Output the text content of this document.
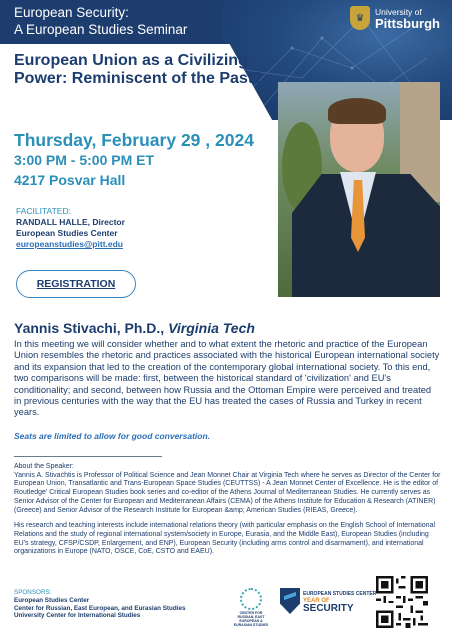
European Security:
A European Studies Seminar
♛
University of
Pittsburgh
European Union as a Civilizing Power: Reminiscent of the Past?
Thursday, February 29 , 2024
3:00 PM - 5:00 PM ET
4217 Posvar Hall
FACILITATED:
RANDALL HALLE, Director
European Studies Center
europeanstudies@pitt.edu
REGISTRATION
Yannis Stivachi, Ph.D., Virginia Tech
In this meeting we will consider whether and to what extent the rhetoric and practice of the European Union resembles the rhetoric and practices associated with the historical European international society and its expansion that led to the creation of the contemporary global international society. To this end, two comparisons will be made: first, between the historical standard of 'civilization' and EU's conditionality; and second, between how Russia and the Ottoman Empire were perceived and treated in previous centuries with the way that the EU has treated the cases of Russia and Turkey in recent years.
Seats are limited to allow for good conversation.
About the Speaker:

Yannis A. Stivachtis is Professor of Political Science and Jean Monnet Chair at Virginia Tech where he serves as Director of the Center for European Union, Transatlantic and Trans-European Space Studies (CEUTTSS) - A Jean Monnet Center of Excellence. He is the editor of Routledge' Critical European Studies book series and co-editor of the Athens Journal of Mediterranean Studies. He currently serves as Senior Advisor of the Center for European and Mediterranean Affairs (CEMA) of the Athens Institute for Education & Research (ATINER) (Greece) and Senior Advisor of the Research Institute for European &amp; American Studies (RIEAS, Greece).

His research and teaching interests include international relations theory (with particular emphasis on the English School of International Relations and the study of regional international system/society in Europe, Eurasia, and the Middle East), European Studies (including EU's strategy, CFSP/CSDP, Enlargement, and ENP), European Security (including arms control and disarmament), and international organizations in Europe (NATO, OSCE, CoE, CSTO and EAEU).

SPONSORS:
European Studies Center
Center for Russian, East European, and Eurasian Studies
University Center for International Studies	CENTER FOR RUSSIAN, EAST EUROPEAN & EURASIAN STUDIES
EUROPEAN STUDIES CENTER
YEAR OF
SECURITY
